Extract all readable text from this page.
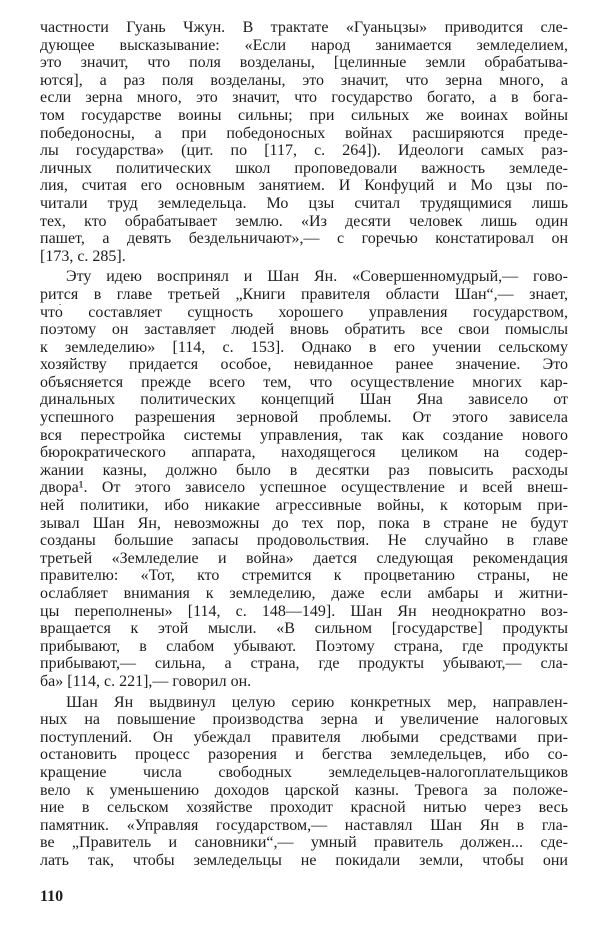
частности Гуань Чжун. В трактате «Гуаньцзы» приводится сле-
дующее высказывание: «Если народ занимается земледелием,
это значит, что поля возделаны, [целинные земли обрабатыва-
ются], а раз поля возделаны, это значит, что зерна много, а
если зерна много, это значит, что государство богато, а в бога-
том государстве воины сильны; при сильных же воинах войны
победоносны, а при победоносных войнах расширяются преде-
лы государства» (цит. по [117, с. 264]). Идеологи самых раз-
личных политических школ проповедовали важность земледе-
лия, считая его основным занятием. И Конфуций и Мо цзы по-
читали труд земледельца. Мо цзы считал трудящимися лишь
тех, кто обрабатывает землю. «Из десяти человек лишь один
пашет, а девять бездельничают»,— с горечью констатировал он
[173, с. 285].
Эту идею воспринял и Шан Ян. «Совершенномудрый,— гово-
рится в главе третьей „Книги правителя области Шан“,— знает,
что́ составляет сущность хорошего управления государством,
поэтому он заставляет людей вновь обратить все свои помыслы
к земледелию» [114, с. 153]. Однако в его учении сельскому
хозяйству придается особое, невиданное ранее значение. Это
объясняется прежде всего тем, что осуществление многих кар-
динальных политических концепций Шан Яна зависело от
успешного разрешения зерновой проблемы. От этого зависела
вся перестройка системы управления, так как создание нового
бюрократического аппарата, находящегося целиком на содер-
жании казны, должно было в десятки раз повысить расходы
двора¹. От этого зависело успешное осуществление и всей внеш-
ней политики, ибо никакие агрессивные войны, к которым при-
зывал Шан Ян, невозможны до тех пор, пока в стране не будут
созданы большие запасы продовольствия. Не случайно в главе
третьей «Земледелие и война» дается следующая рекомендация
правителю: «Тот, кто стремится к процветанию страны, не
ослабляет внимания к земледелию, даже если амбары и житни-
цы переполнены» [114, с. 148—149]. Шан Ян неоднократно воз-
вращается к этой мысли. «В сильном [государстве] продукты
прибывают, в слабом убывают. Поэтому страна, где продукты
прибывают,— сильна, а страна, где продукты убывают,— сла-
ба» [114, с. 221],— говорил он.
Шан Ян выдвинул целую серию конкретных мер, направлен-
ных на повышение производства зерна и увеличение налоговых
поступлений. Он убеждал правителя любыми средствами при-
остановить процесс разорения и бегства земледельцев, ибо со-
кращение числа свободных земледельцев-налогоплательщиков
вело к уменьшению доходов царской казны. Тревога за положе-
ние в сельском хозяйстве проходит красной нитью через весь
памятник. «Управляя государством,— наставлял Шан Ян в гла-
ве „Правитель и сановники“,— умный правитель должен... сде-
лать так, чтобы земледельцы не покидали земли, чтобы они
110
